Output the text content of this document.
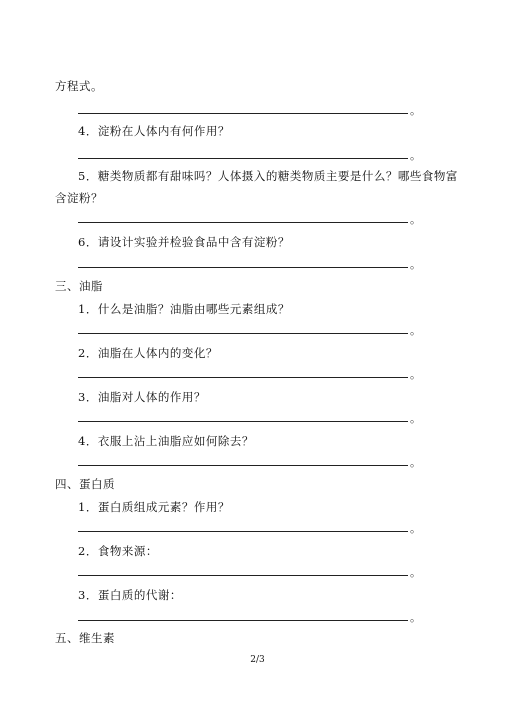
方程式。
。
4．淀粉在人体内有何作用？
。
5．糖类物质都有甜味吗？人体摄入的糖类物质主要是什么？哪些食物富
含淀粉？
。
6．请设计实验并检验食品中含有淀粉？
。
三、油脂
1．什么是油脂？油脂由哪些元素组成？
。
2．油脂在人体内的变化？
。
3．油脂对人体的作用？
。
4．衣服上沾上油脂应如何除去？
。
四、蛋白质
1．蛋白质组成元素？作用？
。
2．食物来源：
。
3．蛋白质的代谢：
。
五、维生素
2/3
